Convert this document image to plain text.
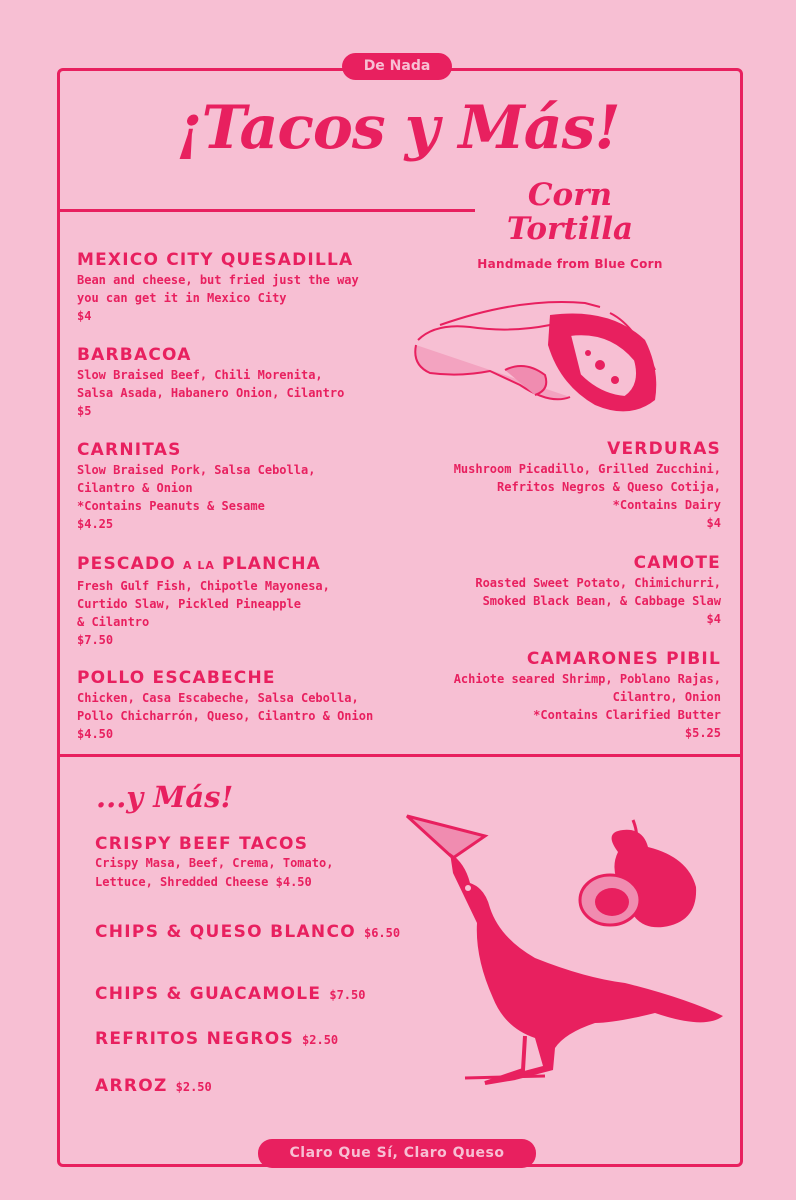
De Nada
¡Tacos y Más!
Corn
Tortilla
Handmade from Blue Corn
MEXICO CITY QUESADILLA
Bean and cheese, but fried just the way
you can get it in Mexico City
$4
BARBACOA
Slow Braised Beef, Chili Morenita,
Salsa Asada, Habanero Onion, Cilantro
$5
CARNITAS
Slow Braised Pork, Salsa Cebolla,
Cilantro & Onion
*Contains Peanuts & Sesame
$4.25
PESCADO A LA PLANCHA
Fresh Gulf Fish, Chipotle Mayonesa,
Curtido Slaw, Pickled Pineapple
& Cilantro
$7.50
POLLO ESCABECHE
Chicken, Casa Escabeche, Salsa Cebolla,
Pollo Chicharrón, Queso, Cilantro & Onion
$4.50
VERDURAS
Mushroom Picadillo, Grilled Zucchini,
Refritos Negros & Queso Cotija,
*Contains Dairy
$4
CAMOTE
Roasted Sweet Potato, Chimichurri,
Smoked Black Bean, & Cabbage Slaw
$4
CAMARONES PIBIL
Achiote seared Shrimp, Poblano Rajas,
Cilantro, Onion
*Contains Clarified Butter
$5.25
...y Más!
CRISPY BEEF TACOS
Crispy Masa, Beef, Crema, Tomato,
Lettuce, Shredded Cheese $4.50
CHIPS & QUESO BLANCO $6.50
CHIPS & GUACAMOLE $7.50
REFRITOS NEGROS $2.50
ARROZ $2.50
Claro Que Sí, Claro Queso
